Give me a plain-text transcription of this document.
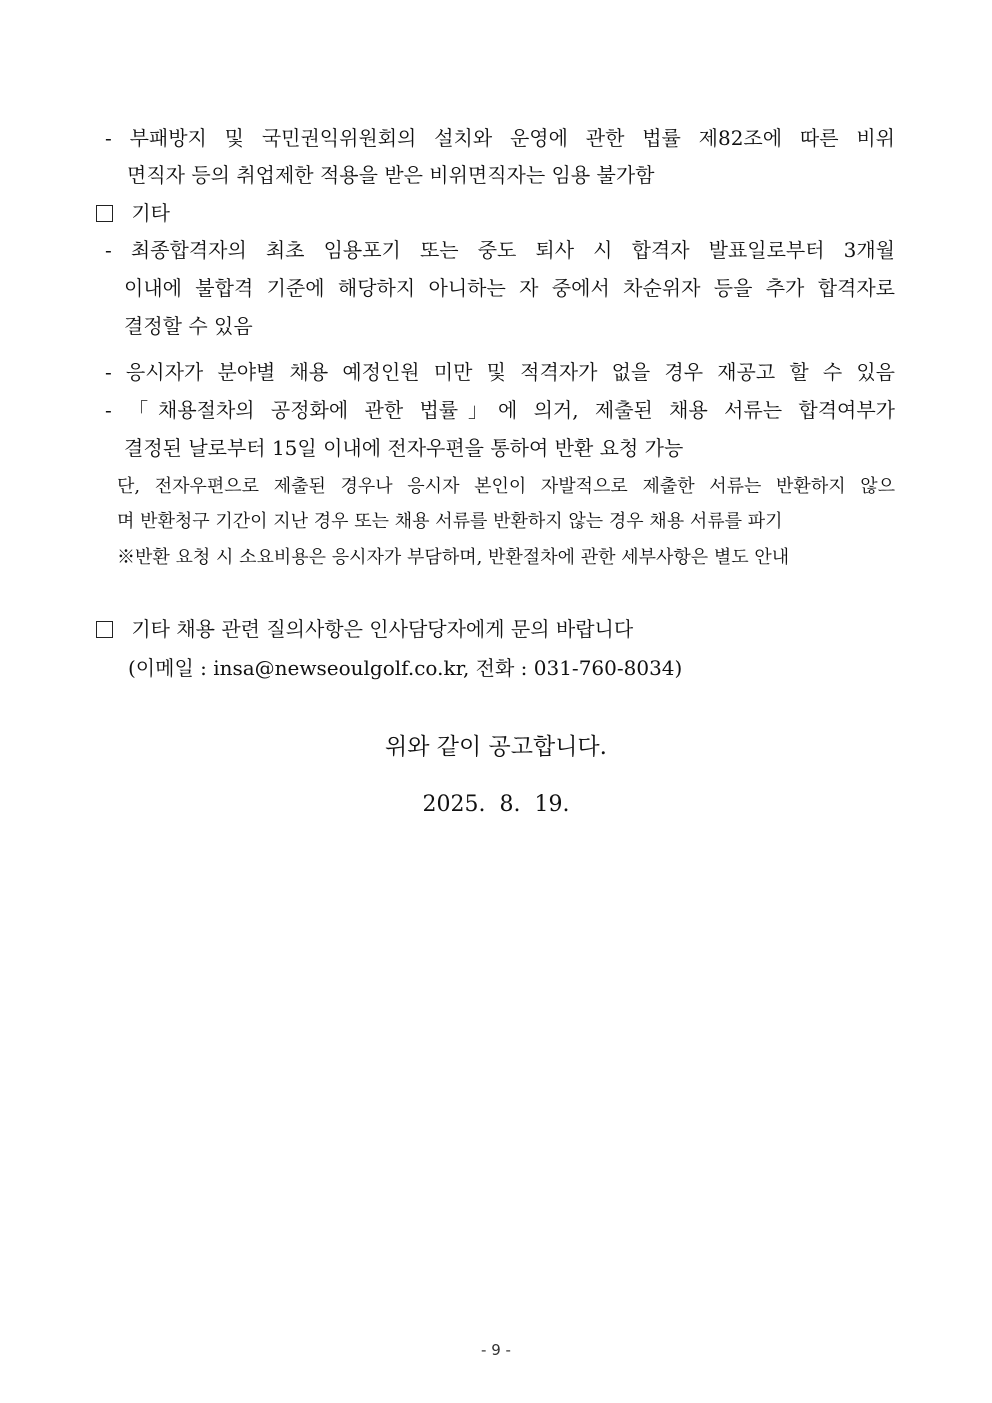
- 부패방지 및 국민권익위원회의 설치와 운영에 관한 법률 제82조에 따른 비위
면직자 등의 취업제한 적용을 받은 비위면직자는 임용 불가함
기타
- 최종합격자의 최초 임용포기 또는 중도 퇴사 시 합격자 발표일로부터 3개월
이내에 불합격 기준에 해당하지 아니하는 자 중에서 차순위자 등을 추가 합격자로
결정할 수 있음
- 응시자가 분야별 채용 예정인원 미만 및 적격자가 없을 경우 재공고 할 수 있음
- 「채용절차의 공정화에 관한 법률」에 의거, 제출된 채용 서류는 합격여부가
결정된 날로부터 15일 이내에 전자우편을 통하여 반환 요청 가능
단, 전자우편으로 제출된 경우나 응시자 본인이 자발적으로 제출한 서류는 반환하지 않으
며 반환청구 기간이 지난 경우 또는 채용 서류를 반환하지 않는 경우 채용 서류를 파기
※반환 요청 시 소요비용은 응시자가 부담하며, 반환절차에 관한 세부사항은 별도 안내
기타 채용 관련 질의사항은 인사담당자에게 문의 바랍니다
(이메일 : insa@newseoulgolf.co.kr, 전화 : 031-760-8034)
위와 같이 공고합니다.
2025.  8.  19.
- 9 -
